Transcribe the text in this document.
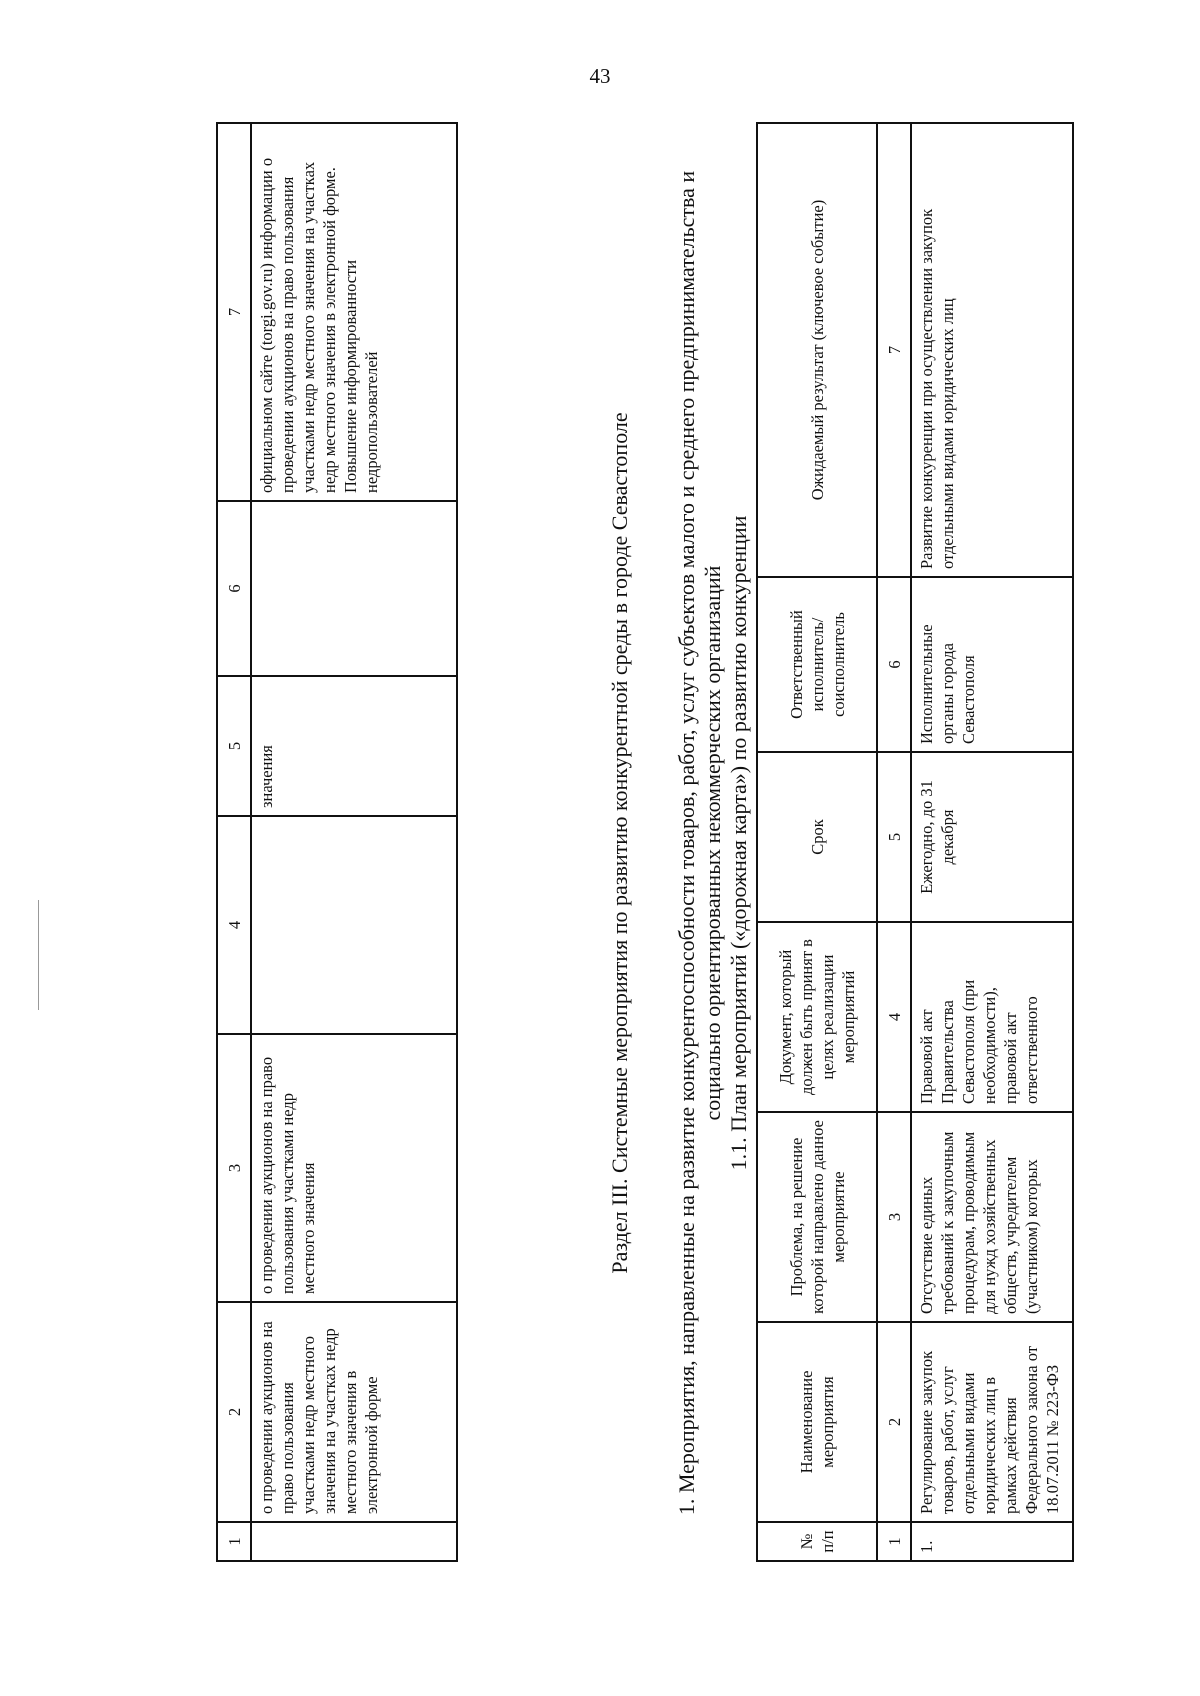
43
1	2	3	4	5	6	7
	о проведении аукционов на право пользования участками недр местного значения на участках недр местного значения в электронной форме	о проведении аукционов на право пользования участками недр местного значения		значения		официальном сайте (torgi.gov.ru) информации о проведении аукционов на право пользования участками недр местного значения на участках недр местного значения в электронной форме. Повышение информированности недропользователей	Раздел III. Системные мероприятия по развитию конкурентной среды в городе Севастополе 1. Мероприятия, направленные на развитие конкурентоспособности товаров, работ, услуг субъектов малого и среднего предпринимательства и социально ориентированных некоммерческих организаций 1.1. План мероприятий («дорожная карта») по развитию конкуренции

№ п/п	Наименование мероприятия	Проблема, на решение которой направлено данное мероприятие	Документ, который должен быть принят в целях реализации мероприятий	Срок	Ответственный исполнитель/ соисполнитель	Ожидаемый результат (ключевое событие)
1	2	3	4	5	6	7
1.	Регулирование закупок товаров, работ, услуг отдельными видами юридических лиц в рамках действия Федерального закона от 18.07.2011 № 223-ФЗ	Отсутствие единых требований к закупочным процедурам, проводимым для нужд хозяйственных обществ, учредителем (участником) которых	Правовой акт Правительства Севастополя (при необходимости), правовой акт ответственного	Ежегодно, до 31 декабря	Исполнительные органы города Севастополя	Развитие конкуренции при осуществлении закупок отдельными видами юридических лиц
